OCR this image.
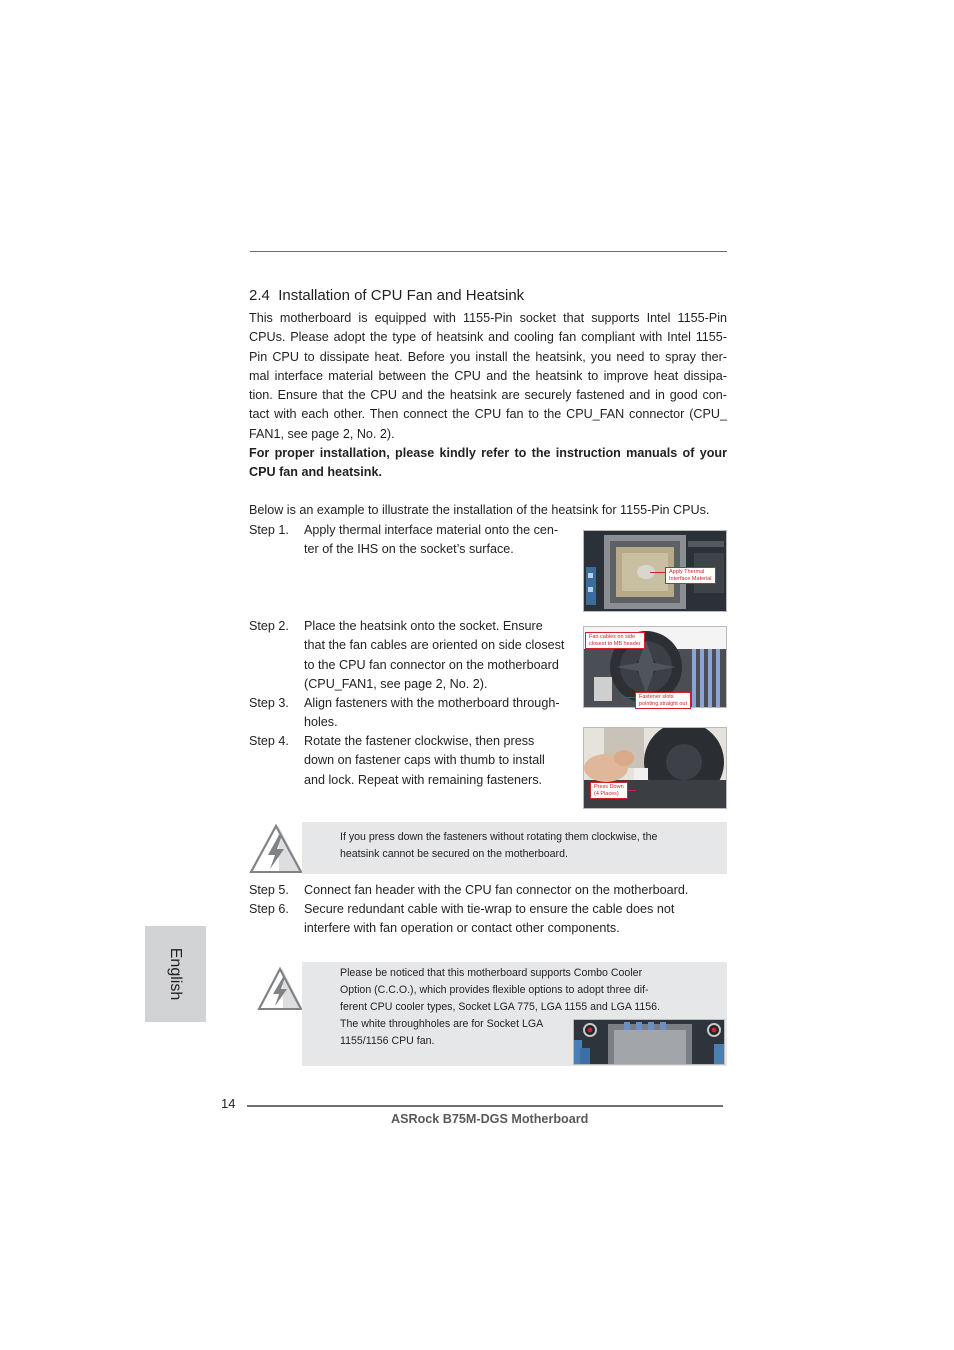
2.4 Installation of CPU Fan and Heatsink
This motherboard is equipped with 1155-Pin socket that supports Intel 1155-Pin
CPUs. Please adopt the type of heatsink and cooling fan compliant with Intel 1155-
Pin CPU to dissipate heat. Before you install the heatsink, you need to spray ther-
mal interface material between the CPU and the heatsink to improve heat dissipa-
tion. Ensure that the CPU and the heatsink are securely fastened and in good con-
tact with each other. Then connect the CPU fan to the CPU_FAN connector (CPU_
FAN1, see page 2, No. 2).
For proper installation, please kindly refer to the instruction manuals of your
CPU fan and heatsink.
Below is an example to illustrate the installation of the heatsink for 1155-Pin CPUs.
Step 1. Apply thermal interface material onto the cen-
ter of the IHS on the socket’s surface.
Apply Thermal
Interface Material
Step 2. Place the heatsink onto the socket. Ensure
that the fan cables are oriented on side closest
to the CPU fan connector on the motherboard
(CPU_FAN1, see page 2, No. 2).
Fan cables on side
closest to MB header
Fastener slots
pointing straight out
Step 3. Align fasteners with the motherboard through-
holes.
Step 4. Rotate the fastener clockwise, then press
down on fastener caps with thumb to install
and lock. Repeat with remaining fasteners.
Press Down
(4 Places)
If you press down the fasteners without rotating them clockwise, the
heatsink cannot be secured on the motherboard.
Step 5. Connect fan header with the CPU fan connector on the motherboard.
Step 6. Secure redundant cable with tie-wrap to ensure the cable does not
interfere with fan operation or contact other components.
Please be noticed that this motherboard supports Combo Cooler
Option (C.C.O.), which provides flexible options to adopt three dif-
ferent CPU cooler types, Socket LGA 775, LGA 1155 and LGA 1156.
The white throughholes are for Socket LGA
1155/1156 CPU fan.
English
14
ASRock B75M-DGS Motherboard
